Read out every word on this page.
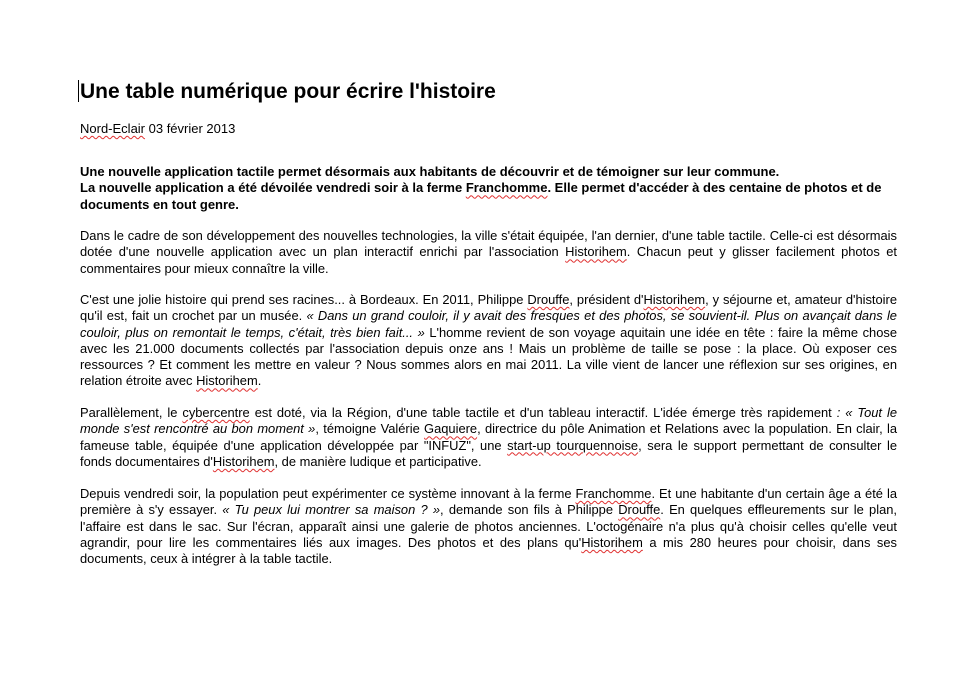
Une table numérique pour écrire l'histoire

Nord-Eclair 03 février 2013

Une nouvelle application tactile permet désormais aux habitants de découvrir et de témoigner sur leur commune.
La nouvelle application a été dévoilée vendredi soir à la ferme Franchomme. Elle permet d'accéder à des centaine de photos et de documents en tout genre.

Dans le cadre de son développement des nouvelles technologies, la ville s'était équipée, l'an dernier, d'une table tactile. Celle-ci est désormais dotée d'une nouvelle application avec un plan interactif enrichi par l'association Historihem. Chacun peut y glisser facilement photos et commentaires pour mieux connaître la ville.

C'est une jolie histoire qui prend ses racines... à Bordeaux. En 2011, Philippe Drouffe, président d'Historihem, y séjourne et, amateur d'histoire qu'il est, fait un crochet par un musée. « Dans un grand couloir, il y avait des fresques et des photos, se souvient-il. Plus on avançait dans le couloir, plus on remontait le temps, c'était, très bien fait... » L'homme revient de son voyage aquitain une idée en tête : faire la même chose avec les 21.000 documents collectés par l'association depuis onze ans ! Mais un problème de taille se pose : la place. Où exposer ces ressources ? Et comment les mettre en valeur ? Nous sommes alors en mai 2011. La ville vient de lancer une réflexion sur ses origines, en relation étroite avec Historihem.

Parallèlement, le cybercentre est doté, via la Région, d'une table tactile et d'un tableau interactif. L'idée émerge très rapidement : « Tout le monde s'est rencontré au bon moment », témoigne Valérie Gaquiere, directrice du pôle Animation et Relations avec la population. En clair, la fameuse table, équipée d'une application développée par "INFUZ", une start-up tourquennoise, sera le support permettant de consulter le fonds documentaires d'Historihem, de manière ludique et participative.

Depuis vendredi soir, la population peut expérimenter ce système innovant à la ferme Franchomme. Et une habitante d'un certain âge a été la première à s'y essayer. « Tu peux lui montrer sa maison ? », demande son fils à Philippe Drouffe. En quelques effleurements sur le plan, l'affaire est dans le sac. Sur l'écran, apparaît ainsi une galerie de photos anciennes. L'octogénaire n'a plus qu'à choisir celles qu'elle veut agrandir, pour lire les commentaires liés aux images. Des photos et des plans qu'Historihem a mis 280 heures pour choisir, dans ses documents, ceux à intégrer à la table tactile.
